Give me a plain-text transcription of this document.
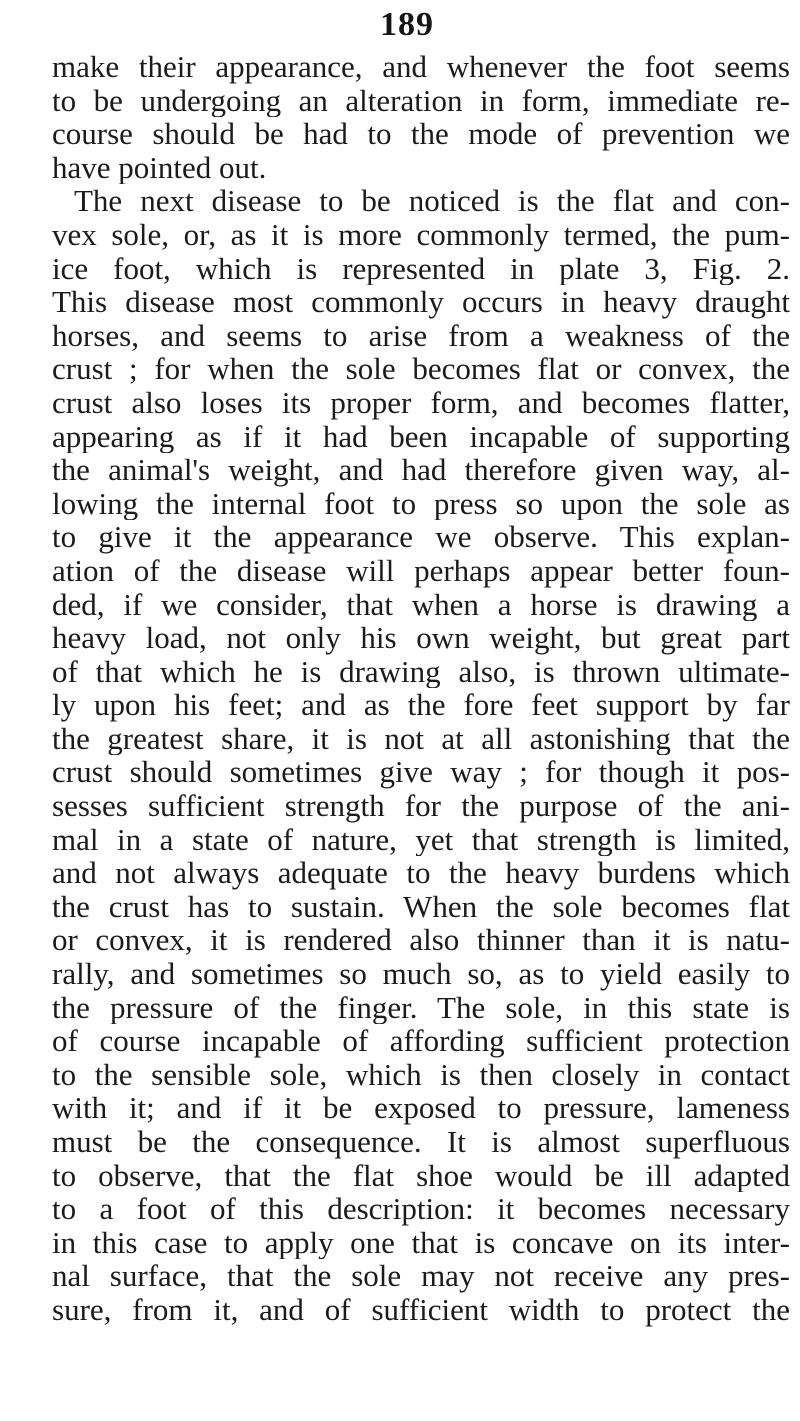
189
make their appearance, and whenever the foot seems
to be undergoing an alteration in form, immediate re-
course should be had to the mode of prevention we
have pointed out.
The next disease to be noticed is the flat and con-
vex sole, or, as it is more commonly termed, the pum-
ice foot, which is represented in plate 3, Fig. 2.
This disease most commonly occurs in heavy draught
horses, and seems to arise from a weakness of the
crust ; for when the sole becomes flat or convex, the
crust also loses its proper form, and becomes flatter,
appearing as if it had been incapable of supporting
the animal's weight, and had therefore given way, al-
lowing the internal foot to press so upon the sole as
to give it the appearance we observe. This explan-
ation of the disease will perhaps appear better foun-
ded, if we consider, that when a horse is drawing a
heavy load, not only his own weight, but great part
of that which he is drawing also, is thrown ultimate-
ly upon his feet; and as the fore feet support by far
the greatest share, it is not at all astonishing that the
crust should sometimes give way ; for though it pos-
sesses sufficient strength for the purpose of the ani-
mal in a state of nature, yet that strength is limited,
and not always adequate to the heavy burdens which
the crust has to sustain. When the sole becomes flat
or convex, it is rendered also thinner than it is natu-
rally, and sometimes so much so, as to yield easily to
the pressure of the finger. The sole, in this state is
of course incapable of affording sufficient protection
to the sensible sole, which is then closely in contact
with it; and if it be exposed to pressure, lameness
must be the consequence. It is almost superfluous
to observe, that the flat shoe would be ill adapted
to a foot of this description: it becomes necessary
in this case to apply one that is concave on its inter-
nal surface, that the sole may not receive any pres-
sure, from it, and of sufficient width to protect the
